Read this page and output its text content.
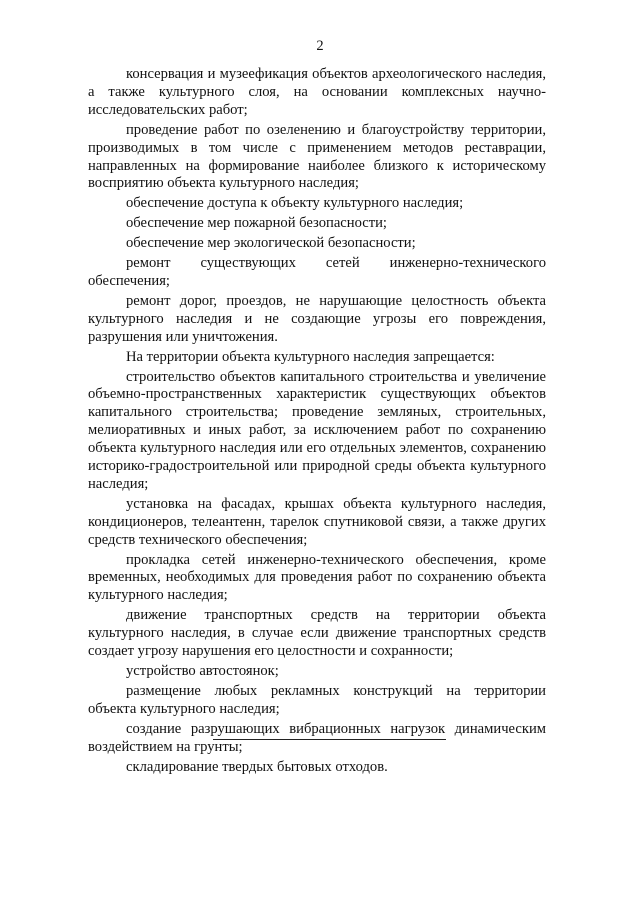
2

консервация и музеефикация объектов археологического наследия, а также культурного слоя, на основании комплексных научно-исследовательских работ;

проведение работ по озеленению и благоустройству территории, производимых в том числе с применением методов реставрации, направленных на формирование наиболее близкого к историческому восприятию объекта культурного наследия;

обеспечение доступа к объекту культурного наследия;

обеспечение мер пожарной безопасности;

обеспечение мер экологической безопасности;

ремонт существующих сетей инженерно-технического обеспечения;

ремонт дорог, проездов, не нарушающие целостность объекта культурного наследия и не создающие угрозы его повреждения, разрушения или уничтожения.

На территории объекта культурного наследия запрещается:

строительство объектов капитального строительства и увеличение объемно-пространственных характеристик существующих объектов капитального строительства; проведение земляных, строительных, мелиоративных и иных работ, за исключением работ по сохранению объекта культурного наследия или его отдельных элементов, сохранению историко-градостроительной или природной среды объекта культурного наследия;

установка на фасадах, крышах объекта культурного наследия, кондиционеров, телеантенн, тарелок спутниковой связи, а также других средств технического обеспечения;

прокладка сетей инженерно-технического обеспечения, кроме временных, необходимых для проведения работ по сохранению объекта культурного наследия;

движение транспортных средств на территории объекта культурного наследия, в случае если движение транспортных средств создает угрозу нарушения его целостности и сохранности;

устройство автостоянок;

размещение любых рекламных конструкций на территории объекта культурного наследия;

создание разрушающих вибрационных нагрузок динамическим воздействием на грунты;

складирование твердых бытовых отходов.
